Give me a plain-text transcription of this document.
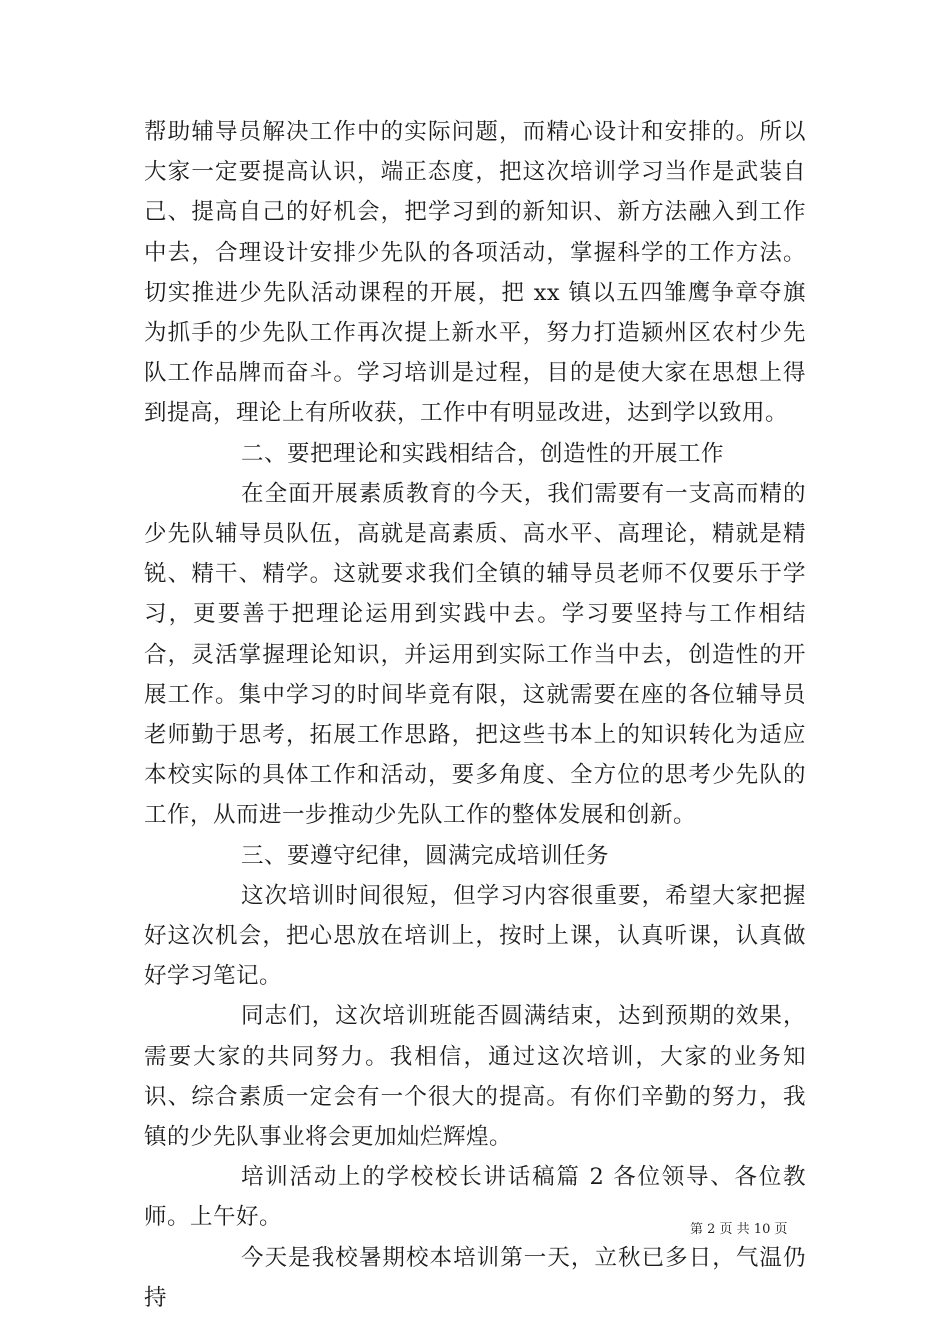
帮助辅导员解决工作中的实际问题，而精心设计和安排的。所以大家一定要提高认识，端正态度，把这次培训学习当作是武装自己、提高自己的好机会，把学习到的新知识、新方法融入到工作中去，合理设计安排少先队的各项活动，掌握科学的工作方法。切实推进少先队活动课程的开展，把 xx 镇以五四雏鹰争章夺旗为抓手的少先队工作再次提上新水平，努力打造颍州区农村少先队工作品牌而奋斗。学习培训是过程，目的是使大家在思想上得到提高，理论上有所收获，工作中有明显改进，达到学以致用。

二、要把理论和实践相结合，创造性的开展工作

在全面开展素质教育的今天，我们需要有一支高而精的少先队辅导员队伍，高就是高素质、高水平、高理论，精就是精锐、精干、精学。这就要求我们全镇的辅导员老师不仅要乐于学习，更要善于把理论运用到实践中去。学习要坚持与工作相结合，灵活掌握理论知识，并运用到实际工作当中去，创造性的开展工作。集中学习的时间毕竟有限，这就需要在座的各位辅导员老师勤于思考，拓展工作思路，把这些书本上的知识转化为适应本校实际的具体工作和活动，要多角度、全方位的思考少先队的工作，从而进一步推动少先队工作的整体发展和创新。

三、要遵守纪律，圆满完成培训任务

这次培训时间很短，但学习内容很重要，希望大家把握好这次机会，把心思放在培训上，按时上课，认真听课，认真做好学习笔记。

同志们，这次培训班能否圆满结束，达到预期的效果，需要大家的共同努力。我相信，通过这次培训，大家的业务知识、综合素质一定会有一个很大的提高。有你们辛勤的努力，我镇的少先队事业将会更加灿烂辉煌。

培训活动上的学校校长讲话稿篇 2 各位领导、各位教师。上午好。

今天是我校暑期校本培训第一天，立秋已多日，气温仍持

第 2 页 共 10 页
